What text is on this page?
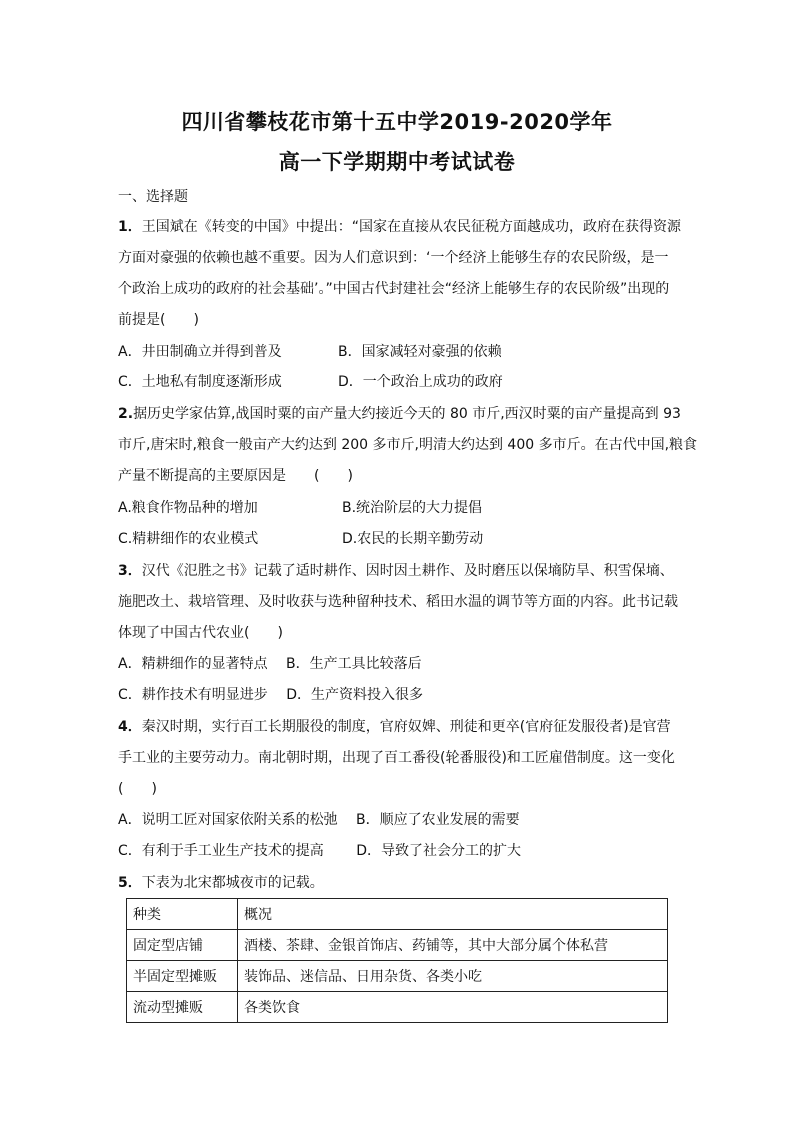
四川省攀枝花市第十五中学2019-2020学年
高一下学期期中考试试卷
一、选择题
1．王国斌在《转变的中国》中提出：“国家在直接从农民征税方面越成功，政府在获得资源
方面对豪强的依赖也越不重要。因为人们意识到：‘一个经济上能够生存的农民阶级，是一
个政治上成功的政府的社会基础’。”中国古代封建社会“经济上能够生存的农民阶级”出现的
前提是(　　)
A．井田制确立并得到普及	B．国家减轻对豪强的依赖
C．土地私有制度逐渐形成	D．一个政治上成功的政府
2.据历史学家估算,战国时粟的亩产量大约接近今天的 80 市斤,西汉时粟的亩产量提高到 93
市斤,唐宋时,粮食一般亩产大约达到 200 多市斤,明清大约达到 400 多市斤。在古代中国,粮食
产量不断提高的主要原因是　　(　　)
A.粮食作物品种的增加	B.统治阶层的大力提倡
C.精耕细作的农业模式	D.农民的长期辛勤劳动
3．汉代《氾胜之书》记载了适时耕作、因时因土耕作、及时磨压以保墒防旱、积雪保墒、
施肥改土、栽培管理、及时收获与选种留种技术、稻田水温的调节等方面的内容。此书记载
体现了中国古代农业(　　)
A．精耕细作的显著特点　 B．生产工具比较落后
C．耕作技术有明显进步　 D．生产资料投入很多
4．秦汉时期，实行百工长期服役的制度，官府奴婢、刑徒和更卒(官府征发服役者)是官营
手工业的主要劳动力。南北朝时期，出现了百工番役(轮番服役)和工匠雇借制度。这一变化
(　　)
A．说明工匠对国家依附关系的松弛　 B．顺应了农业发展的需要
C．有利于手工业生产技术的提高　　 D．导致了社会分工的扩大
5．下表为北宋都城夜市的记载。
种类	概况
固定型店铺	酒楼、茶肆、金银首饰店、药铺等，其中大部分属个体私营
半固定型摊贩	装饰品、迷信品、日用杂货、各类小吃
流动型摊贩	各类饮食
